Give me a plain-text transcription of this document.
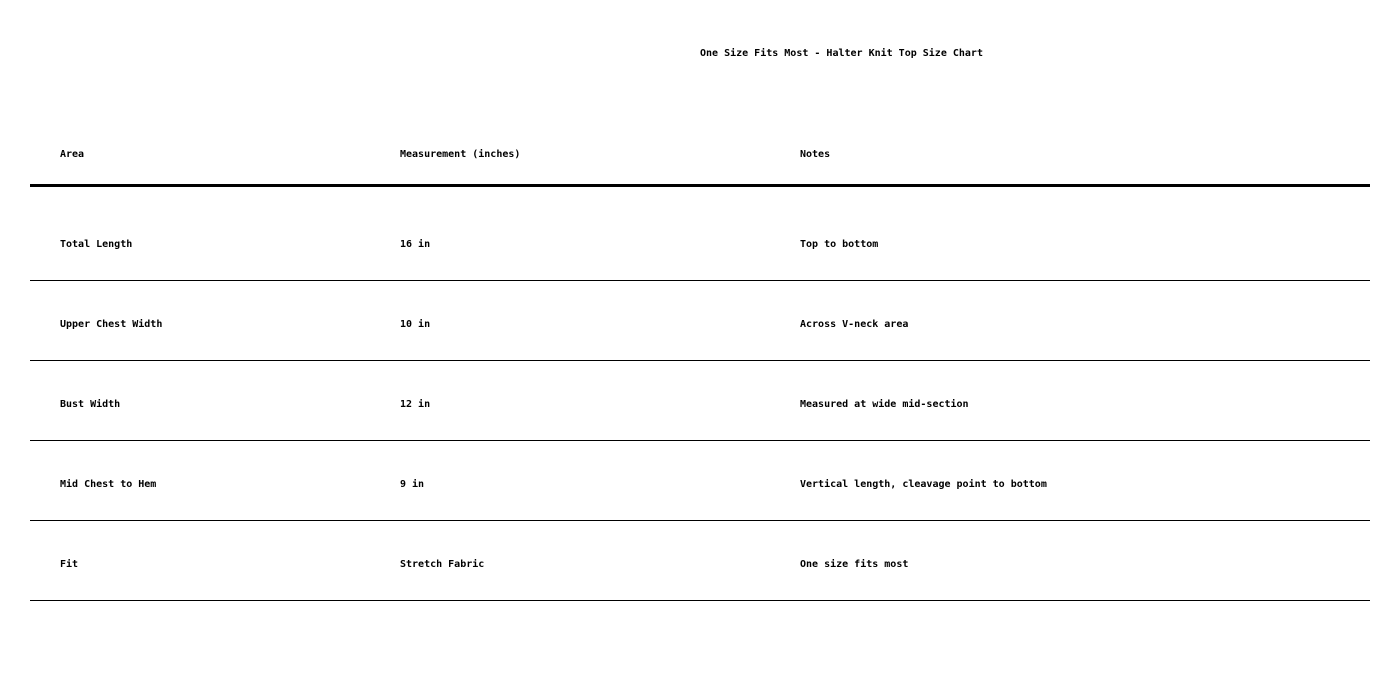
One Size Fits Most - Halter Knit Top Size Chart
Area	Measurement (inches)	Notes
Total Length	16 in	Top to bottom
Upper Chest Width	10 in	Across V-neck area
Bust Width	12 in	Measured at wide mid-section
Mid Chest to Hem	9 in	Vertical length, cleavage point to bottom
Fit	Stretch Fabric	One size fits most
